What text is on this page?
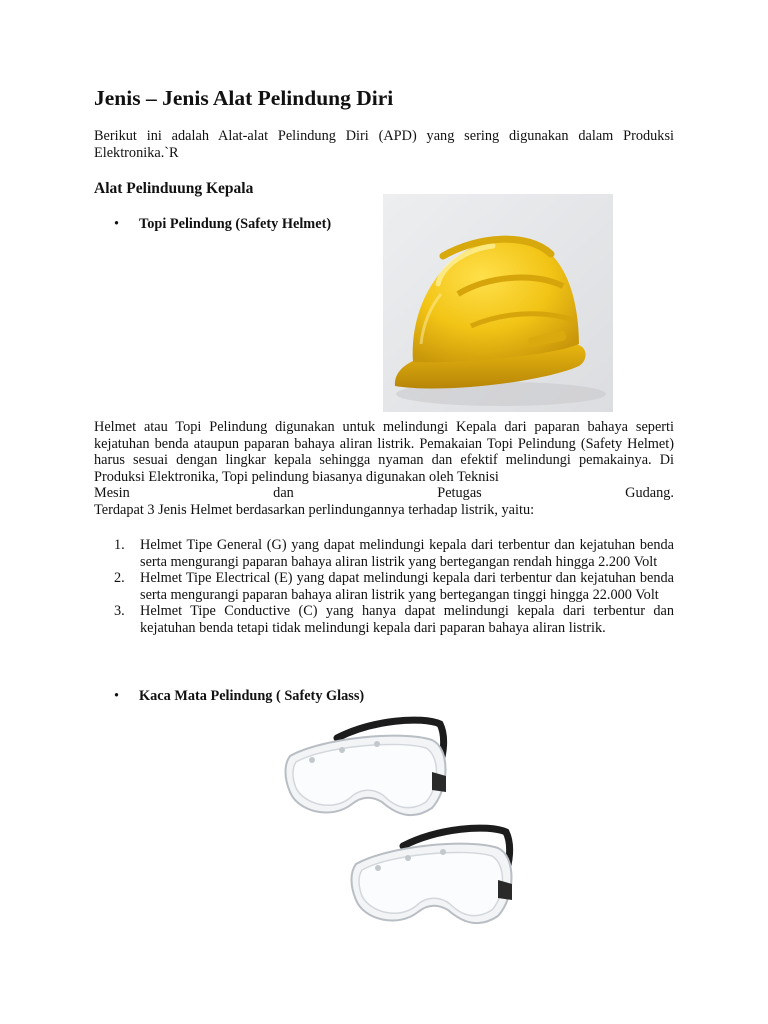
Jenis – Jenis Alat Pelindung Diri

Berikut ini adalah Alat-alat Pelindung Diri (APD) yang sering digunakan dalam Produksi Elektronika.`R

Alat Pelinduung Kepala
• Topi Pelindung (Safety Helmet)

Helmet atau Topi Pelindung digunakan untuk melindungi Kepala dari paparan bahaya seperti kejatuhan benda ataupun paparan bahaya aliran listrik. Pemakaian Topi Pelindung (Safety Helmet) harus sesuai dengan lingkar kepala sehingga nyaman dan efektif melindungi pemakainya. Di Produksi Elektronika, Topi pelindung biasanya digunakan oleh Teknisi
Mesin	dan	Petugas	Gudang.
Terdapat 3 Jenis Helmet berdasarkan perlindungannya terhadap listrik, yaitu:

1. Helmet Tipe General (G) yang dapat melindungi kepala dari terbentur dan kejatuhan benda serta mengurangi paparan bahaya aliran listrik yang bertegangan rendah hingga 2.200 Volt
2. Helmet Tipe Electrical (E) yang dapat melindungi kepala dari terbentur dan kejatuhan benda serta mengurangi paparan bahaya aliran listrik yang bertegangan tinggi hingga 22.000 Volt
3. Helmet Tipe Conductive (C) yang hanya dapat melindungi kepala dari terbentur dan kejatuhan benda tetapi tidak melindungi kepala dari paparan bahaya aliran listrik.
• Kaca Mata Pelindung ( Safety Glass)
